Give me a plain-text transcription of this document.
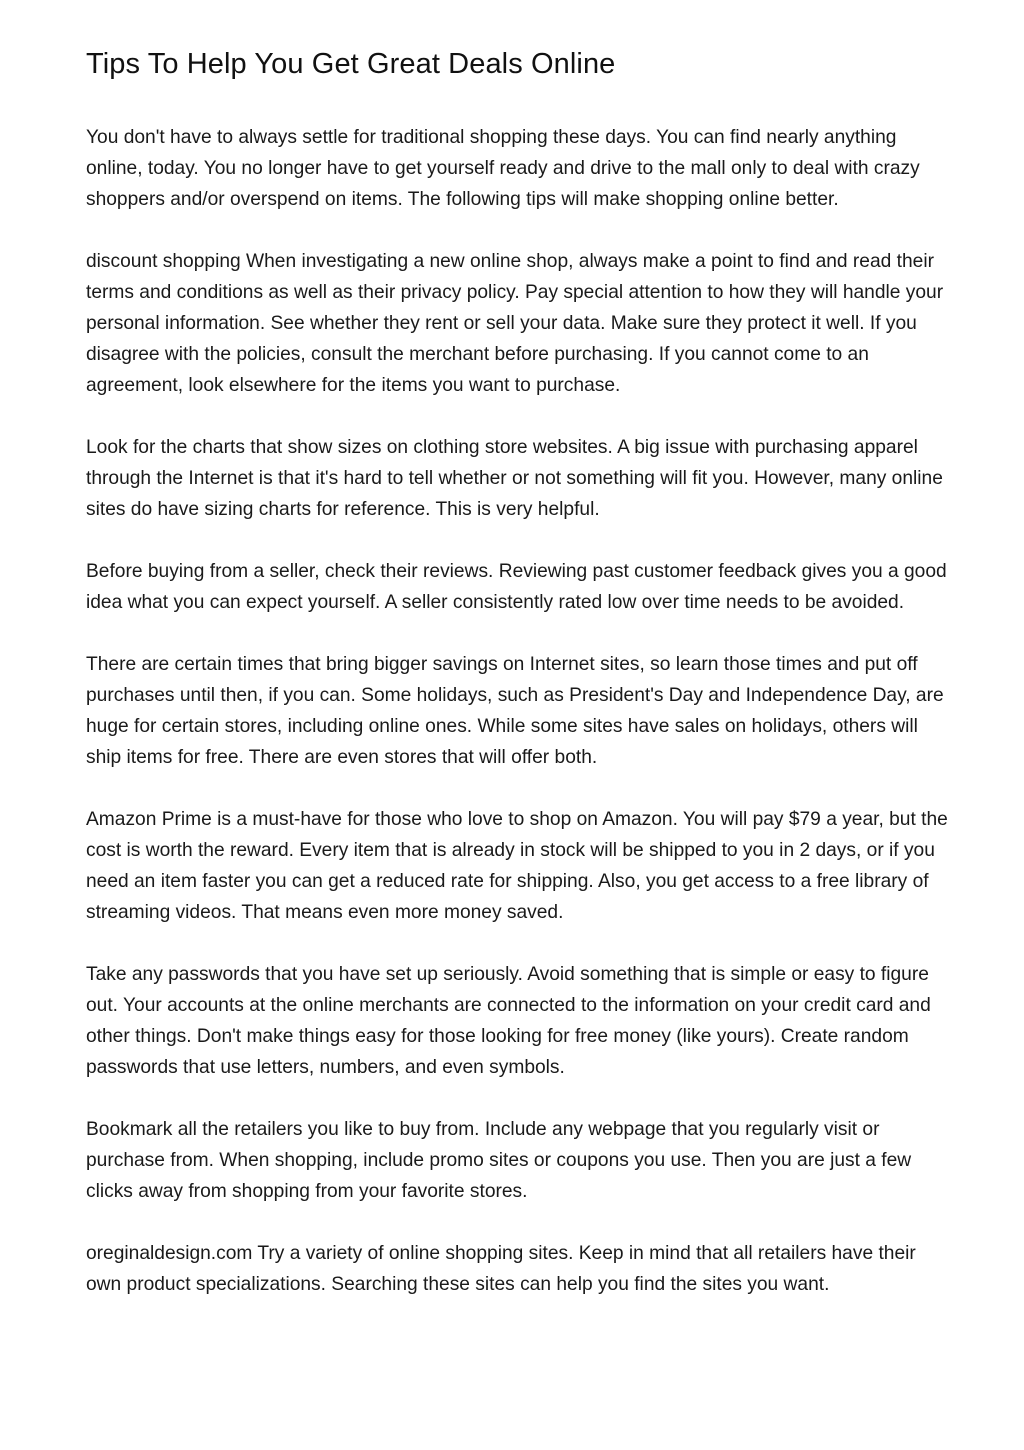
Tips To Help You Get Great Deals Online

You don't have to always settle for traditional shopping these days. You can find nearly anything online, today. You no longer have to get yourself ready and drive to the mall only to deal with crazy shoppers and/or overspend on items. The following tips will make shopping online better.

discount shopping When investigating a new online shop, always make a point to find and read their terms and conditions as well as their privacy policy. Pay special attention to how they will handle your personal information. See whether they rent or sell your data. Make sure they protect it well. If you disagree with the policies, consult the merchant before purchasing. If you cannot come to an agreement, look elsewhere for the items you want to purchase.

Look for the charts that show sizes on clothing store websites. A big issue with purchasing apparel through the Internet is that it's hard to tell whether or not something will fit you. However, many online sites do have sizing charts for reference. This is very helpful.

Before buying from a seller, check their reviews. Reviewing past customer feedback gives you a good idea what you can expect yourself. A seller consistently rated low over time needs to be avoided.

There are certain times that bring bigger savings on Internet sites, so learn those times and put off purchases until then, if you can. Some holidays, such as President's Day and Independence Day, are huge for certain stores, including online ones. While some sites have sales on holidays, others will ship items for free. There are even stores that will offer both.

Amazon Prime is a must-have for those who love to shop on Amazon. You will pay $79 a year, but the cost is worth the reward. Every item that is already in stock will be shipped to you in 2 days, or if you need an item faster you can get a reduced rate for shipping. Also, you get access to a free library of streaming videos. That means even more money saved.

Take any passwords that you have set up seriously. Avoid something that is simple or easy to figure out. Your accounts at the online merchants are connected to the information on your credit card and other things. Don't make things easy for those looking for free money (like yours). Create random passwords that use letters, numbers, and even symbols.

Bookmark all the retailers you like to buy from. Include any webpage that you regularly visit or purchase from. When shopping, include promo sites or coupons you use. Then you are just a few clicks away from shopping from your favorite stores.

oreginaldesign.com Try a variety of online shopping sites. Keep in mind that all retailers have their own product specializations. Searching these sites can help you find the sites you want.
